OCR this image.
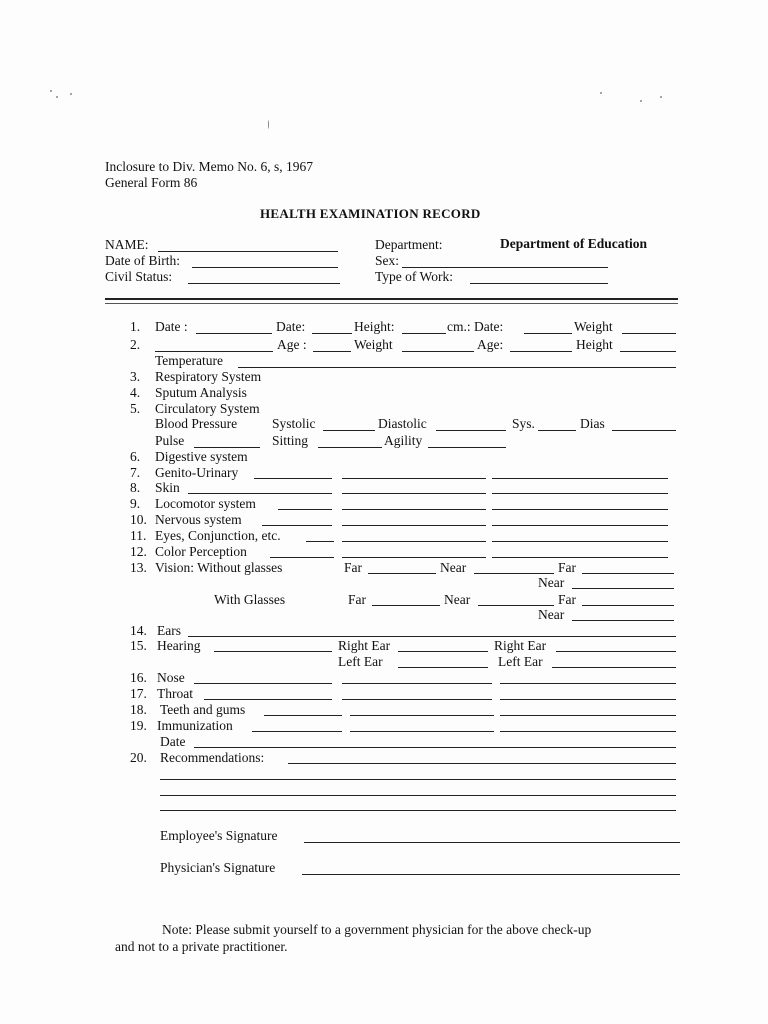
Inclosure to Div. Memo No. 6, s, 1967
General Form 86
HEALTH EXAMINATION RECORD
NAME:
Date of Birth:
Civil Status:
Department:	Department of Education
Sex:
Type of Work:
1. Date :	Date:	Height:	cm.: Date:	Weight
2.	Age :	Weight	Age:	Height
Temperature
3. Respiratory System
4. Sputum Analysis
5. Circulatory System
Blood Pressure	Systolic	Diastolic	Sys.	Dias
Pulse	Sitting	Agility
6. Digestive system
7. Genito-Urinary
8. Skin
9. Locomotor system
10. Nervous system
11. Eyes, Conjunction, etc.
12. Color Perception
13. Vision: Without glasses	Far	Near	Far
Near
With Glasses	Far	Near	Far
Near
14. Ears
15. Hearing	Right Ear	Right Ear
Left Ear	Left Ear
16. Nose
17. Throat
18. Teeth and gums
19. Immunization
Date
20. Recommendations:
Employee's Signature
Physician's Signature
Note: Please submit yourself to a government physician for the above check-up
and not to a private practitioner.
